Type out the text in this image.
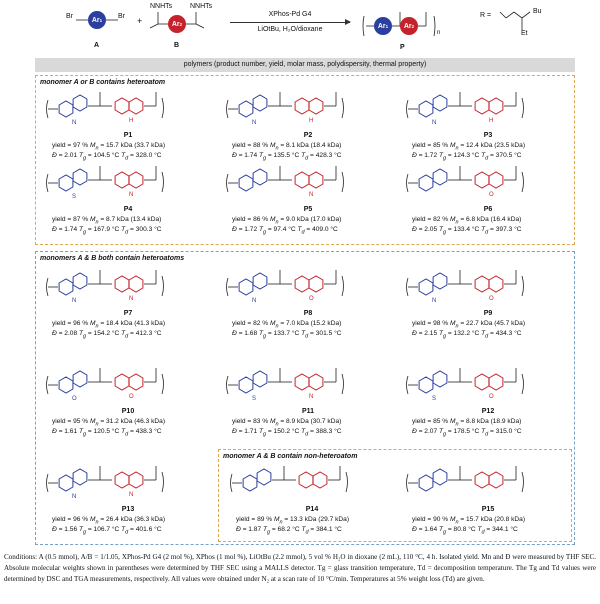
Br	Ar 1 Br
A
+
NNHTs	NNHTs
Ar 2
B
XPhos-Pd G4
LiOtBu, H₂O/dioxane	Ar 1 Ar 2
n
P
R =
Bu
Et
polymers (product number, yield, molar mass, polydispersity, thermal property)
monomer A or B contains heteroatom
monomers A & B both contain heteroatoms
monomer A & B contain non-heteroatom
N	H
P1
yield = 97 % $M_n = 15.7$ kDa (33.7 kDa)
Đ = 2.01 $T_g = 104.5$ °C $T_d = 328.0$ °C
N	H
P2
yield = 88 % $M_n = 8.1$ kDa (18.4 kDa)
Đ = 1.74 $T_g = 135.5$ °C $T_d = 428.3$ °C
N	H
P3
yield = 85 % $M_n = 12.4$ kDa (23.5 kDa)
Đ = 1.72 $T_g = 124.3$ °C $T_d = 370.5$ °C
S	N
P4
yield = 87 % $M_n = 8.7$ kDa (13.4 kDa)
Đ = 1.74 $T_g = 167.9$ °C $T_d = 300.3$ °C
N
P5
yield = 86 % $M_n = 9.0$ kDa (17.0 kDa)
Đ = 1.72 $T_g = 97.4$ °C $T_d = 409.0$ °C
O
P6
yield = 82 % $M_n = 6.8$ kDa (16.4 kDa)
Đ = 2.05 $T_g = 133.4$ °C $T_d = 397.3$ °C
N	N
P7
yield = 96 % $M_n = 18.4$ kDa (41.3 kDa)
Đ = 2.08 $T_g = 154.2$ °C $T_d = 412.3$ °C
N	O
P8
yield = 82 % $M_n = 7.0$ kDa (15.2 kDa)
Đ = 1.68 $T_g = 133.7$ °C $T_d = 301.5$ °C
N	O
P9
yield = 98 % $M_n = 22.7$ kDa (45.7 kDa)
Đ = 2.15 $T_g = 132.2$ °C $T_d = 434.3$ °C
O	O
P10
yield = 95 % $M_n = 31.2$ kDa (46.3 kDa)
Đ = 1.61 $T_g = 120.5$ °C $T_d = 438.3$ °C
S	N
P11
yield = 83 % $M_n = 8.9$ kDa (30.7 kDa)
Đ = 1.71 $T_g = 150.2$ °C $T_d = 388.3$ °C
S	O
P12
yield = 85 % $M_n = 8.8$ kDa (18.9 kDa)
Đ = 2.07 $T_g = 178.5$ °C $T_d = 315.0$ °C
N	N
P13
yield = 96 % $M_n = 26.4$ kDa (36.3 kDa)
Đ = 1.56 $T_g = 106.7$ °C $T_d = 401.6$ °C
P14
yield = 89 % $M_n = 13.3$ kDa (29.7 kDa)
Đ = 1.87 $T_g = 68.2$ °C $T_d = 384.1$ °C
P15
yield = 90 % $M_n = 15.7$ kDa (20.8 kDa)
Đ = 1.64 $T_g = 80.8$ °C $T_d = 344.1$ °C
Conditions: A (0.5 mmol), A/B = 1/1.05, XPhos-Pd G4 (2 mol %), XPhos (1 mol %), LiOtBu (2.2 mmol), 5 vol % H₂O in dioxane (2 mL), 110 °C, 4 h. Isolated yield. Mn and Đ were measured by THF SEC. Absolute molecular weights shown in parentheses were determined by THF SEC using a MALLS detector. Tg = glass transition temperature, Td = decomposition temperature. The Tg and Td values were determined by DSC and TGA measurements, respectively. All values were obtained under N₂ at a scan rate of 10 °C/min. Temperatures at 5% weight loss (Td) are given.
